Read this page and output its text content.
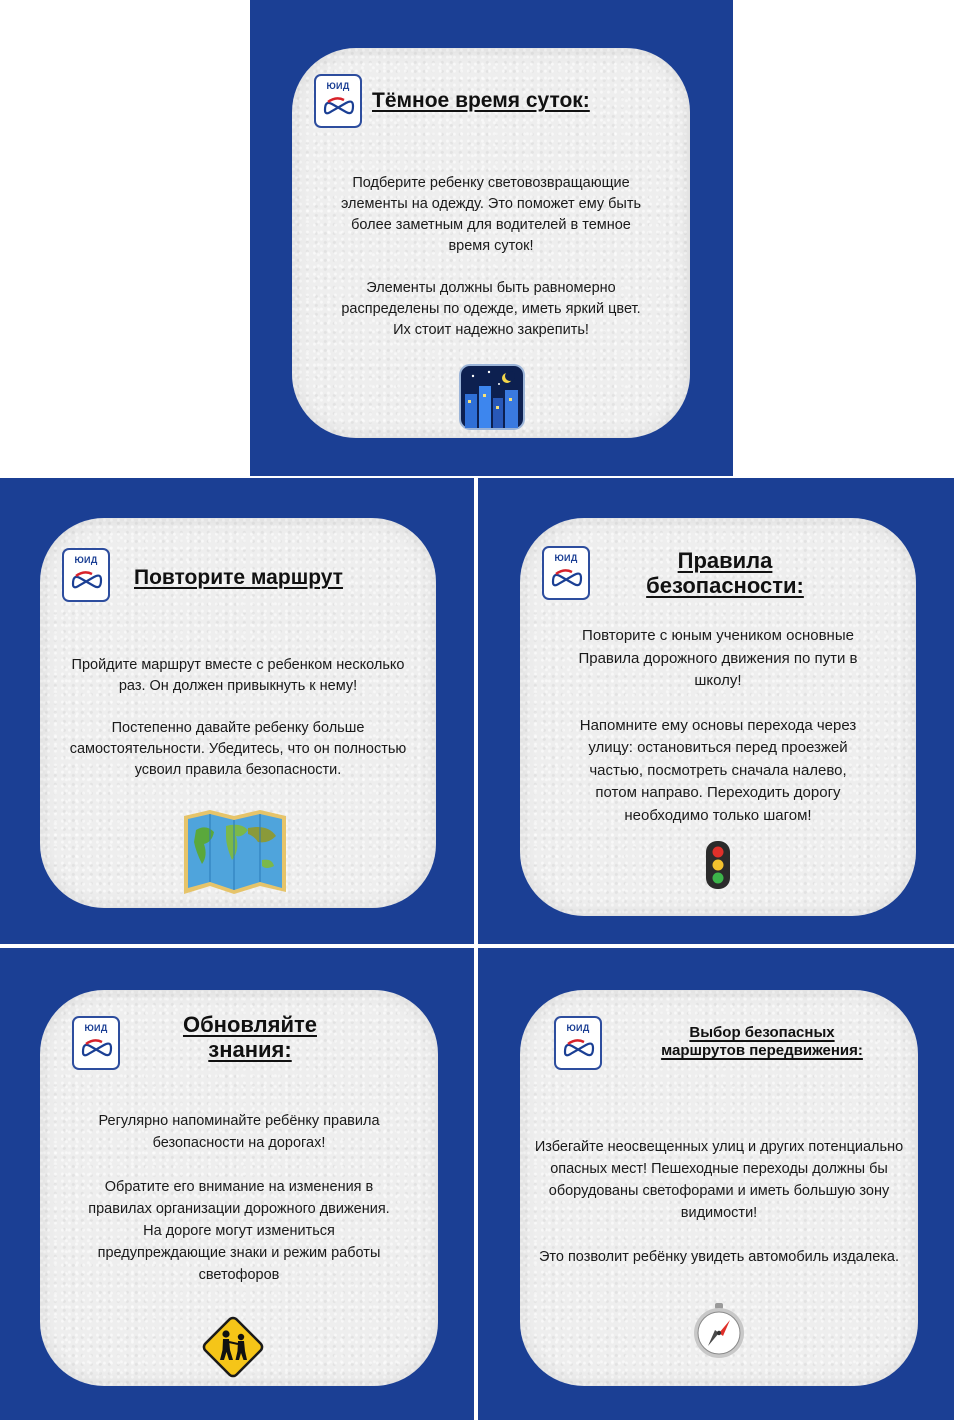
ЮИД
Тёмное время суток:

Подберите ребенку световозвращающие элементы на одежду. Это поможет ему быть более заметным для водителей в темное время суток!

Элементы должны быть равномерно распределены по одежде, иметь яркий цвет. Их стоит надежно закрепить!

ЮИД
Повторите маршрут

Пройдите маршрут вместе с ребенком несколько раз. Он должен привыкнуть к нему!

Постепенно давайте ребенку больше самостоятельности. Убедитесь, что он полностью усвоил правила безопасности.

ЮИД	Правила
безопасности:

Повторите с юным учеником основные Правила дорожного движения по пути в школу!

Напомните ему основы перехода через улицу: остановиться перед проезжей частью, посмотреть сначала налево, потом направо. Переходить дорогу необходимо только шагом!

ЮИД	Обновляйте
знания:

Регулярно напоминайте ребёнку правила безопасности на дорогах!

Обратите его внимание на изменения в правилах организации дорожного движения. На дороге могут измениться предупреждающие знаки и режим работы светофоров

ЮИД	Выбор безопасных
маршрутов передвижения:

Избегайте неосвещенных улиц и других потенциально опасных мест! Пешеходные переходы должны бы оборудованы светофорами и иметь большую зону видимости!

Это позволит ребёнку увидеть автомобиль издалека.
